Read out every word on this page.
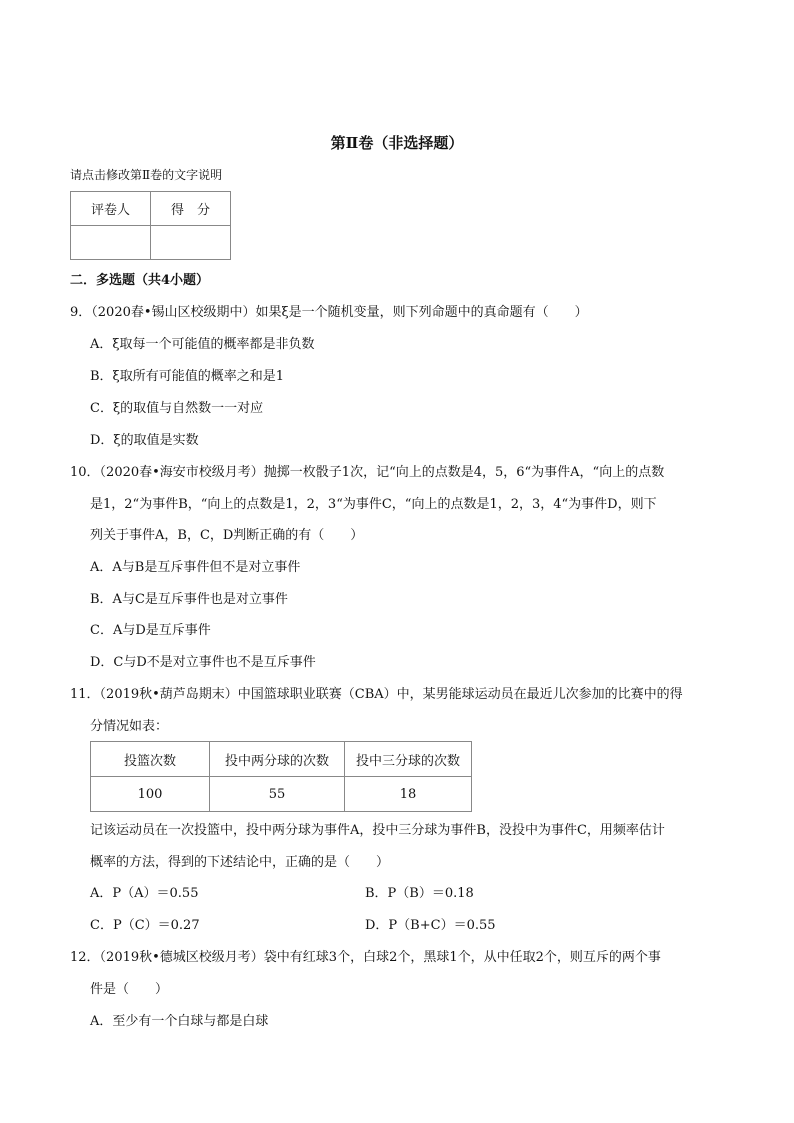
第Ⅱ卷（非选择题）
请点击修改第Ⅱ卷的文字说明
评卷人	得　分

二．多选题（共4小题）
9．（2020春•锡山区校级期中）如果ξ是一个随机变量，则下列命题中的真命题有（　　）
A．ξ取每一个可能值的概率都是非负数
B．ξ取所有可能值的概率之和是1
C．ξ的取值与自然数一一对应
D．ξ的取值是实数
10．（2020春•海安市校级月考）抛掷一枚骰子1次，记“向上的点数是4，5，6“为事件A，“向上的点数
是1，2“为事件B，“向上的点数是1，2，3“为事件C，“向上的点数是1，2，3，4“为事件D，则下
列关于事件A，B，C，D判断正确的有（　　）
A．A与B是互斥事件但不是对立事件
B．A与C是互斥事件也是对立事件
C．A与D是互斥事件
D．C与D不是对立事件也不是互斥事件
11．（2019秋•葫芦岛期末）中国篮球职业联赛（CBA）中，某男能球运动员在最近儿次参加的比赛中的得
分情况如表：
投篮次数	投中两分球的次数	投中三分球的次数
100	55	18
记该运动员在一次投篮中，投中两分球为事件A，投中三分球为事件B，没投中为事件C，用频率估计
概率的方法，得到的下述结论中，正确的是（　　）
A．P（A）＝0.55	B．P（B）＝0.18
C．P（C）＝0.27	D．P（B+C）＝0.55
12．（2019秋•德城区校级月考）袋中有红球3个，白球2个，黑球1个，从中任取2个，则互斥的两个事
件是（　　）
A．至少有一个白球与都是白球
